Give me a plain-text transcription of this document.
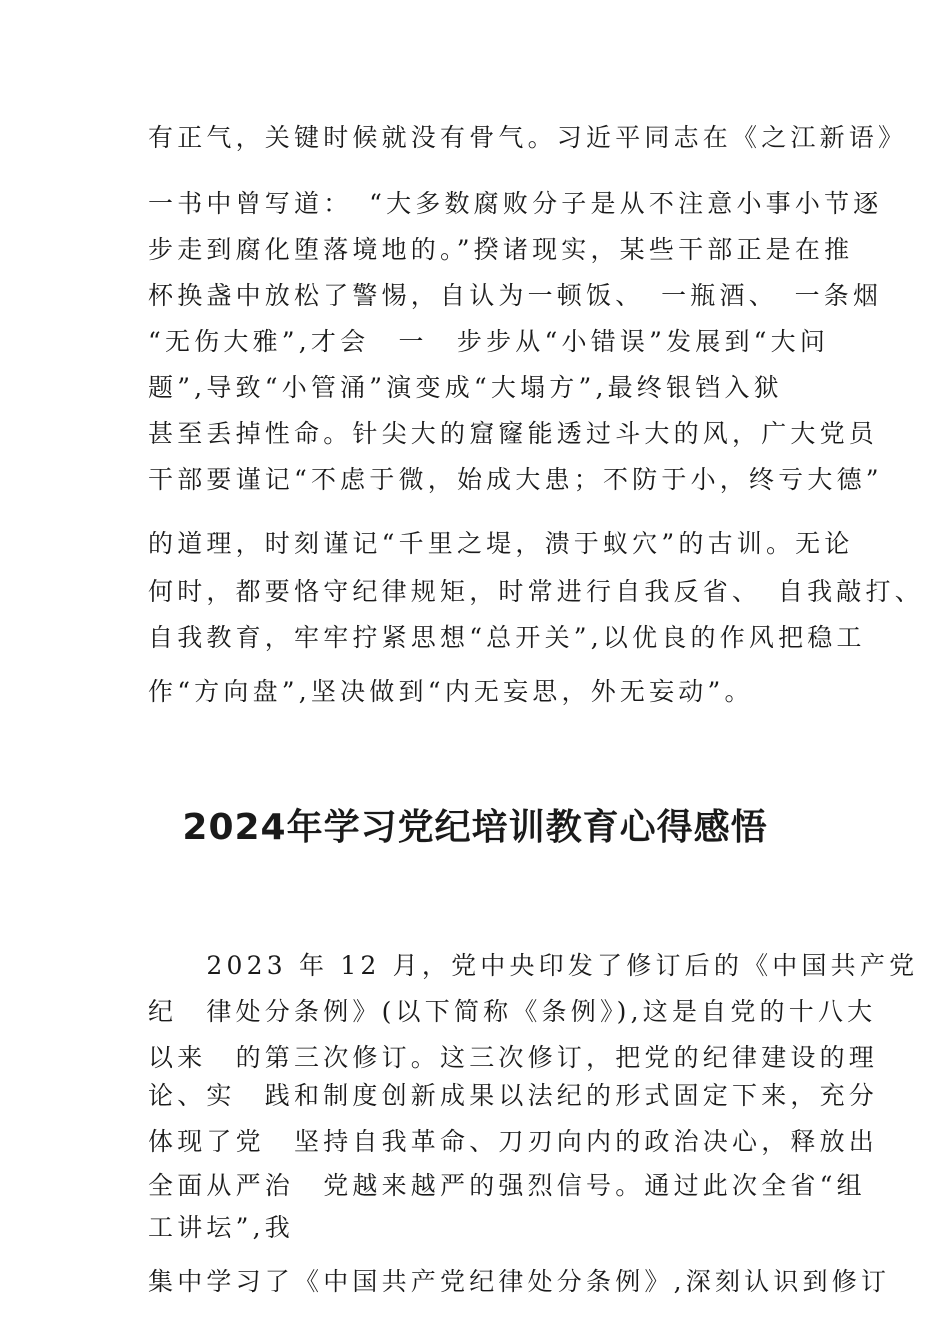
有正气，关键时候就没有骨气。习近平同志在《之江新语》
一书中曾写道：　“大多数腐败分子是从不注意小事小节逐
步走到腐化堕落境地的。”揆诸现实，某些干部正是在推
杯换盏中放松了警惕，自认为一顿饭、　一瓶酒、　一条烟
“无伤大雅”,才会　一　步步从“小错误”发展到“大问
题”,导致“小管涌”演变成“大塌方”,最终银铛入狱
甚至丢掉性命。针尖大的窟窿能透过斗大的风，广大党员
干部要谨记“不虑于微，始成大患；不防于小，终亏大德”
的道理，时刻谨记“千里之堤，溃于蚁穴”的古训。无论
何时，都要恪守纪律规矩，时常进行自我反省、　自我敲打、
自我教育，牢牢拧紧思想“总开关”,以优良的作风把稳工
作“方向盘”,坚决做到“内无妄思，外无妄动”。
2024年学习党纪培训教育心得感悟
　　2023 年 12 月，党中央印发了修订后的《中国共产党
纪　律处分条例》(以下简称《条例》),这是自党的十八大
以来　的第三次修订。这三次修订，把党的纪律建设的理
论、实　践和制度创新成果以法纪的形式固定下来，充分
体现了党　坚持自我革命、刀刃向内的政治决心，释放出
全面从严治　党越来越严的强烈信号。通过此次全省“组
工讲坛”,我
集中学习了《中国共产党纪律处分条例》,深刻认识到修订
